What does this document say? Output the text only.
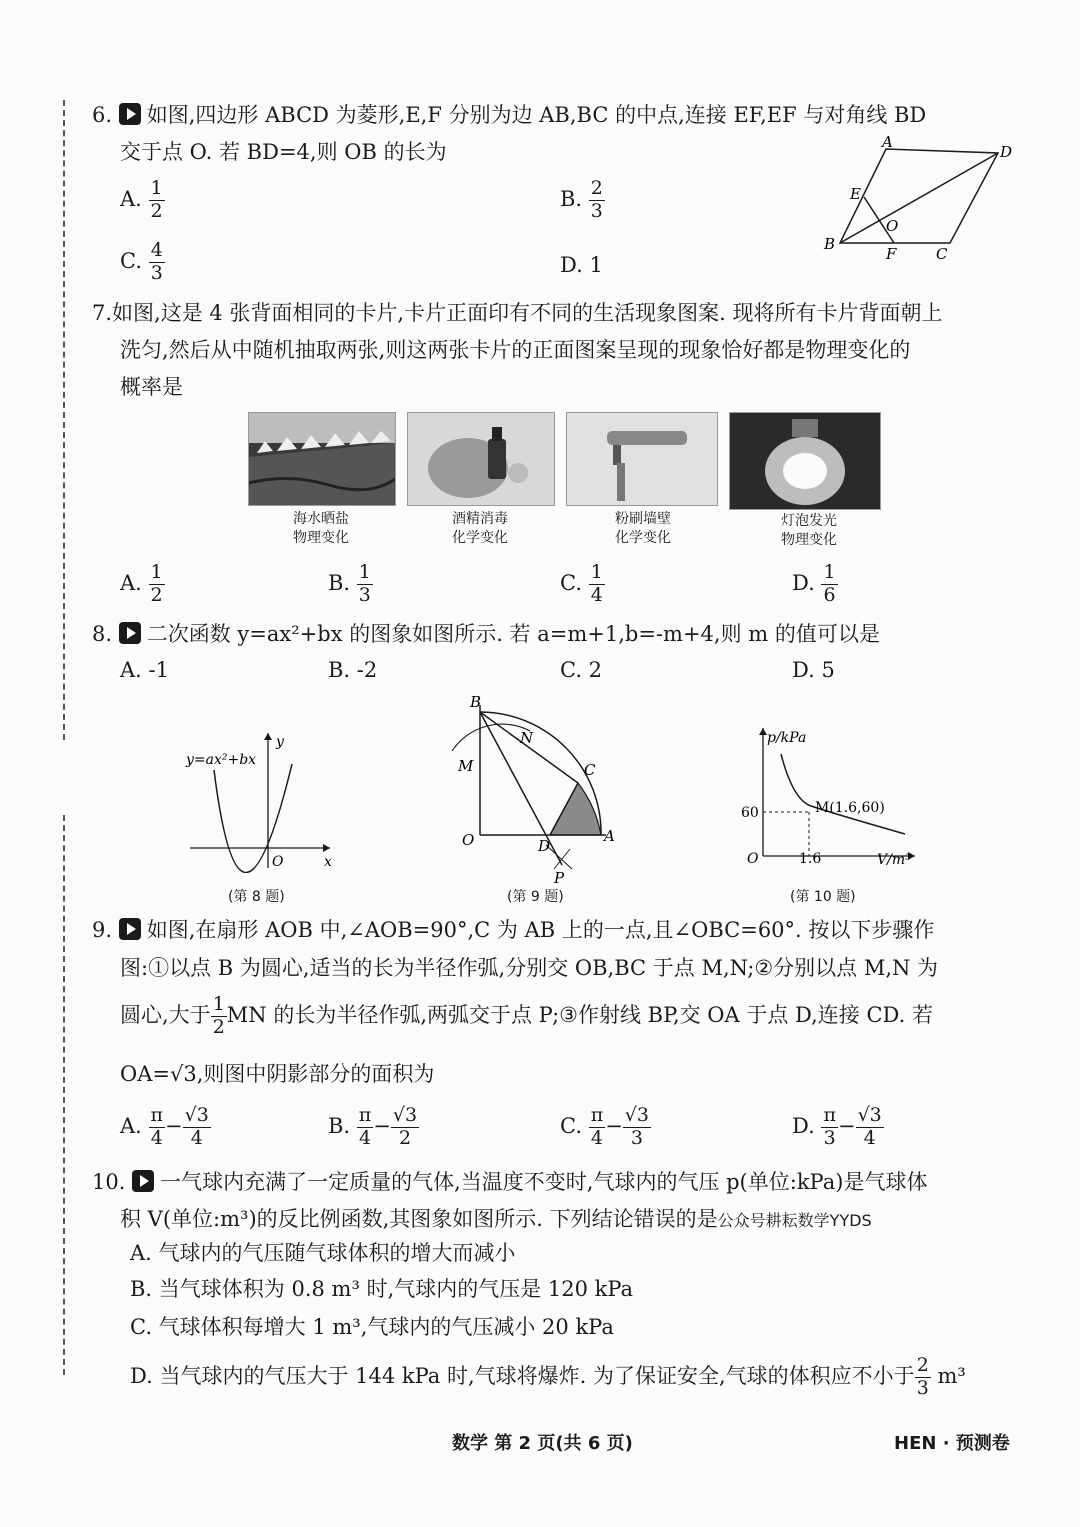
6. 如图,四边形 ABCD 为菱形,E,F 分别为边 AB,BC 的中点,连接 EF,EF 与对角线 BD
交于点 O. 若 BD=4,则 OB 的长为
A. $\frac{1}{2}$	B. $\frac{2}{3}$
C. $\frac{4}{3}$	D. 1
A
D
B
C
E
F
O
7.如图,这是 4 张背面相同的卡片,卡片正面印有不同的生活现象图案. 现将所有卡片背面朝上
洗匀,然后从中随机抽取两张,则这两张卡片的正面图案呈现的现象恰好都是物理变化的
概率是
海水晒盐
物理变化
酒精消毒
化学变化
粉刷墙壁
化学变化
灯泡发光
物理变化
A. $\frac{1}{2}$	B. $\frac{1}{3}$	C. $\frac{1}{4}$	D. $\frac{1}{6}$
8. 二次函数 y=ax²+bx 的图象如图所示. 若 a=m+1,b=-m+4,则 m 的值可以是
A. -1	B. -2	C. 2	D. 5
y=ax²+bx
y
x
O
(第 8 题)
B
N
M	C
O	D
A
P
(第 9 题)
p/kPa
V/m³
M(1.6,60)
60
1.6
O
(第 10 题)
9. 如图,在扇形 AOB 中,∠AOB=90°,C 为 AB 上的一点,且∠OBC=60°. 按以下步骤作
图:①以点 B 为圆心,适当的长为半径作弧,分别交 OB,BC 于点 M,N;②分别以点 M,N 为
圆心,大于 $\frac{1}{2}$ MN 的长为半径作弧,两弧交于点 P;③作射线 BP,交 OA 于点 D,连接 CD. 若
OA=√3,则图中阴影部分的面积为
A. $\frac{\pi}{4} - \frac{√3}{4}$	B. $\frac{\pi}{4} - \frac{√3}{2}$	C. $\frac{\pi}{4} - \frac{√3}{3}$	D. $\frac{\pi}{3} - \frac{√3}{4}$
10. 一气球内充满了一定质量的气体,当温度不变时,气球内的气压 p(单位:kPa)是气球体
积 V(单位:m³)的反比例函数,其图象如图所示. 下列结论错误的是公众号耕耘数学YYDS
A. 气球内的气压随气球体积的增大而减小
B. 当气球体积为 0.8 m³ 时,气球内的气压是 120 kPa
C. 气球体积每增大 1 m³,气球内的气压减小 20 kPa
D. 当气球内的气压大于 144 kPa 时,气球将爆炸. 为了保证安全,气球的体积应不小于 $\frac{2}{3} m^3$
数学 第 2 页(共 6 页)	HEN · 预测卷
